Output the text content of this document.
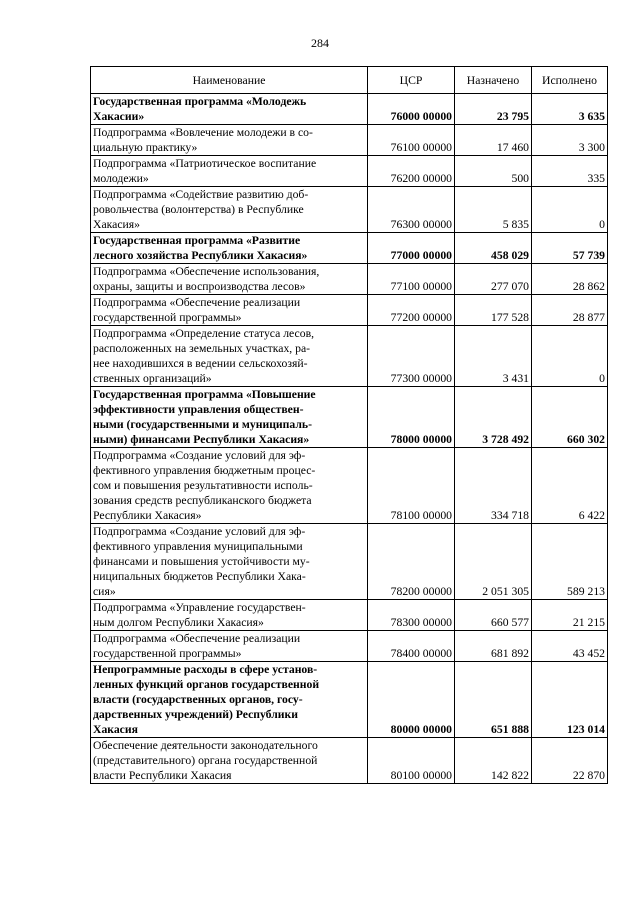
284
Наименование	ЦСР	Назначено	Исполнено
Государственная программа «Молодежь
Хакасии»	76000 00000	23 795	3 635
Подпрограмма «Вовлечение молодежи в со-
циальную практику»	76100 00000	17 460	3 300
Подпрограмма «Патриотическое воспитание
молодежи»	76200 00000	500	335
Подпрограмма «Содействие развитию доб-
ровольчества (волонтерства) в Республике
Хакасия»	76300 00000	5 835	0
Государственная программа «Развитие
лесного хозяйства Республики Хакасия»	77000 00000	458 029	57 739
Подпрограмма «Обеспечение использования,
охраны, защиты и воспроизводства лесов»	77100 00000	277 070	28 862
Подпрограмма «Обеспечение реализации
государственной программы»	77200 00000	177 528	28 877
Подпрограмма «Определение статуса лесов,
расположенных на земельных участках, ра-
нее находившихся в ведении сельскохозяй-
ственных организаций»	77300 00000	3 431	0
Государственная программа «Повышение
эффективности управления обществен-
ными (государственными и муниципаль-
ными) финансами Республики Хакасия»	78000 00000	3 728 492	660 302
Подпрограмма «Создание условий для эф-
фективного управления бюджетным процес-
сом и повышения результативности исполь-
зования средств республиканского бюджета
Республики Хакасия»	78100 00000	334 718	6 422
Подпрограмма «Создание условий для эф-
фективного управления муниципальными
финансами и повышения устойчивости му-
ниципальных бюджетов Республики Хака-
сия»	78200 00000	2 051 305	589 213
Подпрограмма «Управление государствен-
ным долгом Республики Хакасия»	78300 00000	660 577	21 215
Подпрограмма «Обеспечение реализации
государственной программы»	78400 00000	681 892	43 452
Непрограммные расходы в сфере установ-
ленных функций органов государственной
власти (государственных органов, госу-
дарственных учреждений) Республики
Хакасия	80000 00000	651 888	123 014
Обеспечение деятельности законодательного
(представительного) органа государственной
власти Республики Хакасия	80100 00000	142 822	22 870
